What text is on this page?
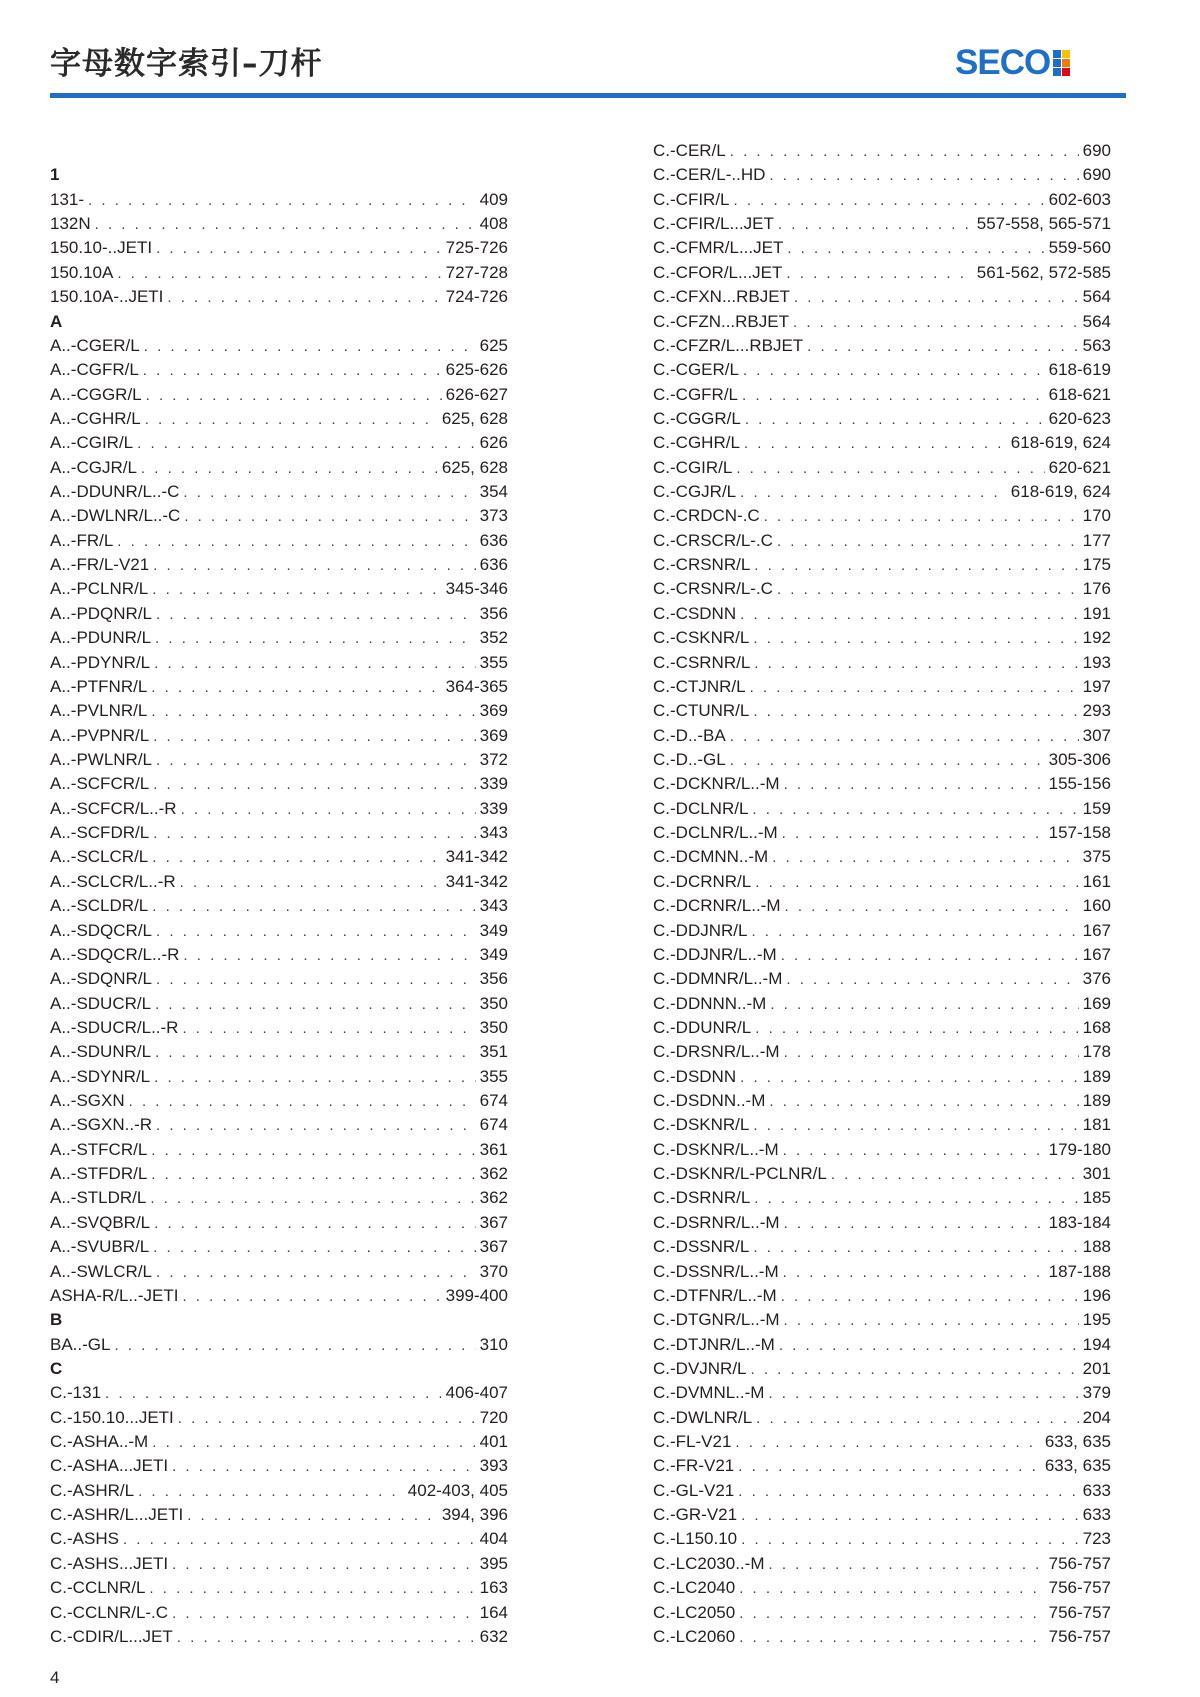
字母数字索引–刀杆	SECO
1
131- . . .	409
132N . . .	408
150.10-..JETI . . .	725-726
150.10A . . .	727-728
150.10A-..JETI . . .	724-726
A
A..-CGER/L . . .	625
A..-CGFR/L . . .	625-626
A..-CGGR/L . . .	626-627
A..-CGHR/L . . .	625, 628
A..-CGIR/L . . .	626
A..-CGJR/L . . .	625, 628
A..-DDUNR/L..-C . . .	354
A..-DWLNR/L..-C . . .	373
A..-FR/L . . .	636
A..-FR/L-V21 . . .	636
A..-PCLNR/L . . .	345-346
A..-PDQNR/L . . .	356
A..-PDUNR/L . . .	352
A..-PDYNR/L . . .	355
A..-PTFNR/L . . .	364-365
A..-PVLNR/L . . .	369
A..-PVPNR/L . . .	369
A..-PWLNR/L . . .	372
A..-SCFCR/L . . .	339
A..-SCFCR/L..-R . . .	339
A..-SCFDR/L . . .	343
A..-SCLCR/L . . .	341-342
A..-SCLCR/L..-R . . .	341-342
A..-SCLDR/L . . .	343
A..-SDQCR/L . . .	349
A..-SDQCR/L..-R . . .	349
A..-SDQNR/L . . .	356
A..-SDUCR/L . . .	350
A..-SDUCR/L..-R . . .	350
A..-SDUNR/L . . .	351
A..-SDYNR/L . . .	355
A..-SGXN . . .	674
A..-SGXN..-R . . .	674
A..-STFCR/L . . .	361
A..-STFDR/L . . .	362
A..-STLDR/L . . .	362
A..-SVQBR/L . . .	367
A..-SVUBR/L . . .	367
A..-SWLCR/L . . .	370
ASHA-R/L..-JETI . . .	399-400
B
BA..-GL . . .	310
C
C.-131 . . .	406-407
C.-150.10...JETI . . .	720
C.-ASHA..-M . . .	401
C.-ASHA...JETI . . .	393
C.-ASHR/L . . .	402-403, 405
C.-ASHR/L...JETI . . .	394, 396
C.-ASHS . . .	404
C.-ASHS...JETI . . .	395
C.-CCLNR/L . . .	163
C.-CCLNR/L-.C . . .	164
C.-CDIR/L...JET . . .	632
C.-CER/L . . .	690
C.-CER/L-..HD . . .	690
C.-CFIR/L . . .	602-603
C.-CFIR/L...JET . . .	557-558, 565-571
C.-CFMR/L...JET . . .	559-560
C.-CFOR/L...JET . . .	561-562, 572-585
C.-CFXN...RBJET . . .	564
C.-CFZN...RBJET . . .	564
C.-CFZR/L...RBJET . . .	563
C.-CGER/L . . .	618-619
C.-CGFR/L . . .	618-621
C.-CGGR/L . . .	620-623
C.-CGHR/L . . .	618-619, 624
C.-CGIR/L . . .	620-621
C.-CGJR/L . . .	618-619, 624
C.-CRDCN-.C . . .	170
C.-CRSCR/L-.C . . .	177
C.-CRSNR/L . . .	175
C.-CRSNR/L-.C . . .	176
C.-CSDNN . . .	191
C.-CSKNR/L . . .	192
C.-CSRNR/L . . .	193
C.-CTJNR/L . . .	197
C.-CTUNR/L . . .	293
C.-D..-BA . . .	307
C.-D..-GL . . .	305-306
C.-DCKNR/L..-M . . .	155-156
C.-DCLNR/L . . .	159
C.-DCLNR/L..-M . . .	157-158
C.-DCMNN..-M . . .	375
C.-DCRNR/L . . .	161
C.-DCRNR/L..-M . . .	160
C.-DDJNR/L . . .	167
C.-DDJNR/L..-M . . .	167
C.-DDMNR/L..-M . . .	376
C.-DDNNN..-M . . .	169
C.-DDUNR/L . . .	168
C.-DRSNR/L..-M . . .	178
C.-DSDNN . . .	189
C.-DSDNN..-M . . .	189
C.-DSKNR/L . . .	181
C.-DSKNR/L..-M . . .	179-180
C.-DSKNR/L-PCLNR/L . . .	301
C.-DSRNR/L . . .	185
C.-DSRNR/L..-M . . .	183-184
C.-DSSNR/L . . .	188
C.-DSSNR/L..-M . . .	187-188
C.-DTFNR/L..-M . . .	196
C.-DTGNR/L..-M . . .	195
C.-DTJNR/L..-M . . .	194
C.-DVJNR/L . . .	201
C.-DVMNL..-M . . .	379
C.-DWLNR/L . . .	204
C.-FL-V21 . . .	633, 635
C.-FR-V21 . . .	633, 635
C.-GL-V21 . . .	633
C.-GR-V21 . . .	633
C.-L150.10 . . .	723
C.-LC2030..-M . . .	756-757
C.-LC2040 . . .	756-757
C.-LC2050 . . .	756-757
C.-LC2060 . . .	756-757

4
